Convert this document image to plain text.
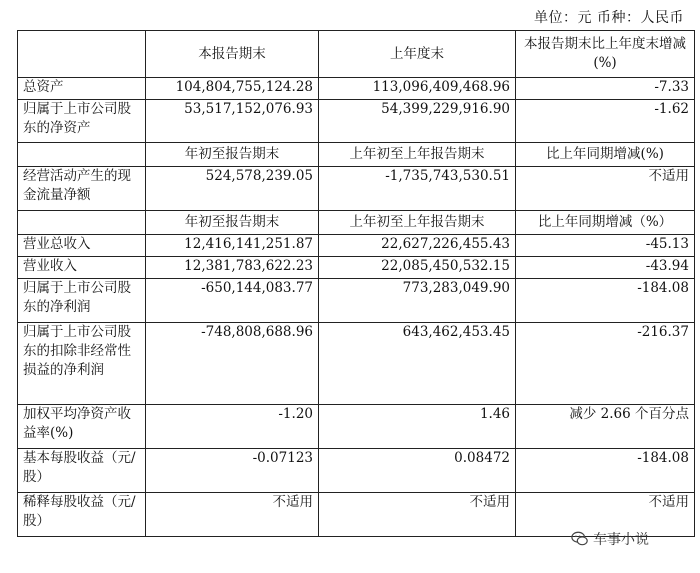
单位：元 币种：人民币
	本报告期末	上年度末	本报告期末比上年度末增减(%)
总资产	104,804,755,124.28	113,096,409,468.96	-7.33
归属于上市公司股东的净资产	53,517,152,076.93	54,399,229,916.90	-1.62
	年初至报告期末	上年初至上年报告期末	比上年同期增减(%)
经营活动产生的现金流量净额	524,578,239.05	-1,735,743,530.51	不适用
	年初至报告期末	上年初至上年报告期末	比上年同期增减（%）
营业总收入	12,416,141,251.87	22,627,226,455.43	-45.13
营业收入	12,381,783,622.23	22,085,450,532.15	-43.94
归属于上市公司股东的净利润	-650,144,083.77	773,283,049.90	-184.08
归属于上市公司股东的扣除非经常性损益的净利润	-748,808,688.96	643,462,453.45	-216.37
加权平均净资产收益率(%)	-1.20	1.46	减少 2.66 个百分点
基本每股收益（元/股）	-0.07123	0.08472	-184.08
稀释每股收益（元/股）	不适用	不适用	不适用
车事小说
